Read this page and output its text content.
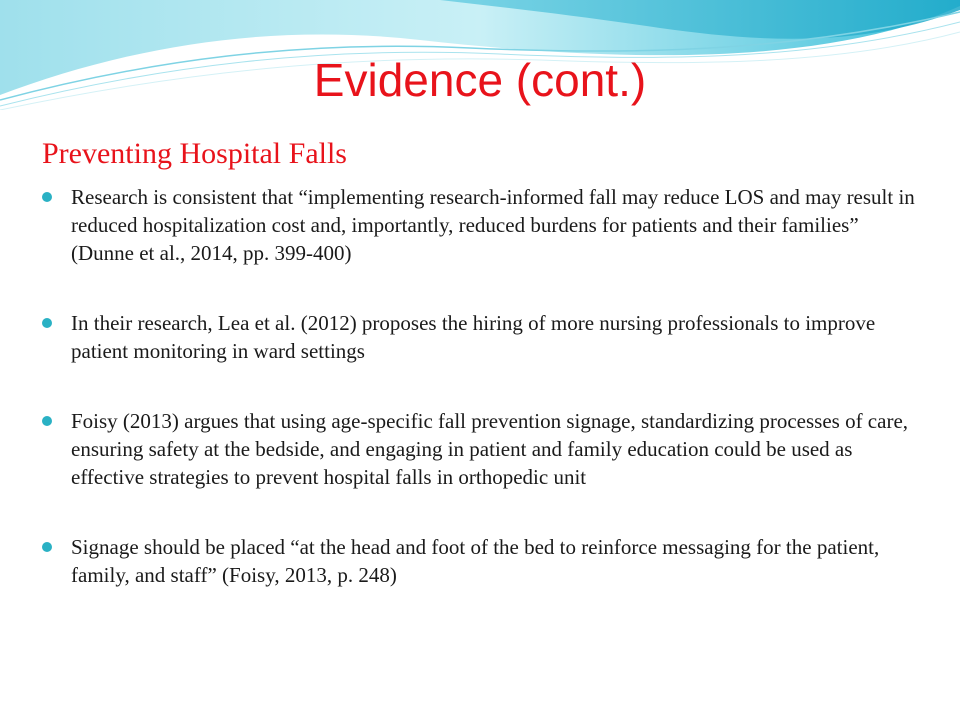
Evidence (cont.)
Preventing Hospital Falls
Research is consistent that “implementing research-informed fall may reduce LOS and may result in reduced hospitalization cost and, importantly, reduced burdens for patients and their families” (Dunne et al., 2014, pp. 399-400)
In their research, Lea et al. (2012) proposes the hiring of more nursing professionals to improve patient monitoring in ward settings
Foisy (2013) argues that using age-specific fall prevention signage, standardizing processes of care, ensuring safety at the bedside, and engaging in patient and family education could be used as effective strategies to prevent hospital falls in orthopedic unit
Signage should be placed “at the head and foot of the bed to reinforce messaging for the patient, family, and staff” (Foisy, 2013, p. 248)
